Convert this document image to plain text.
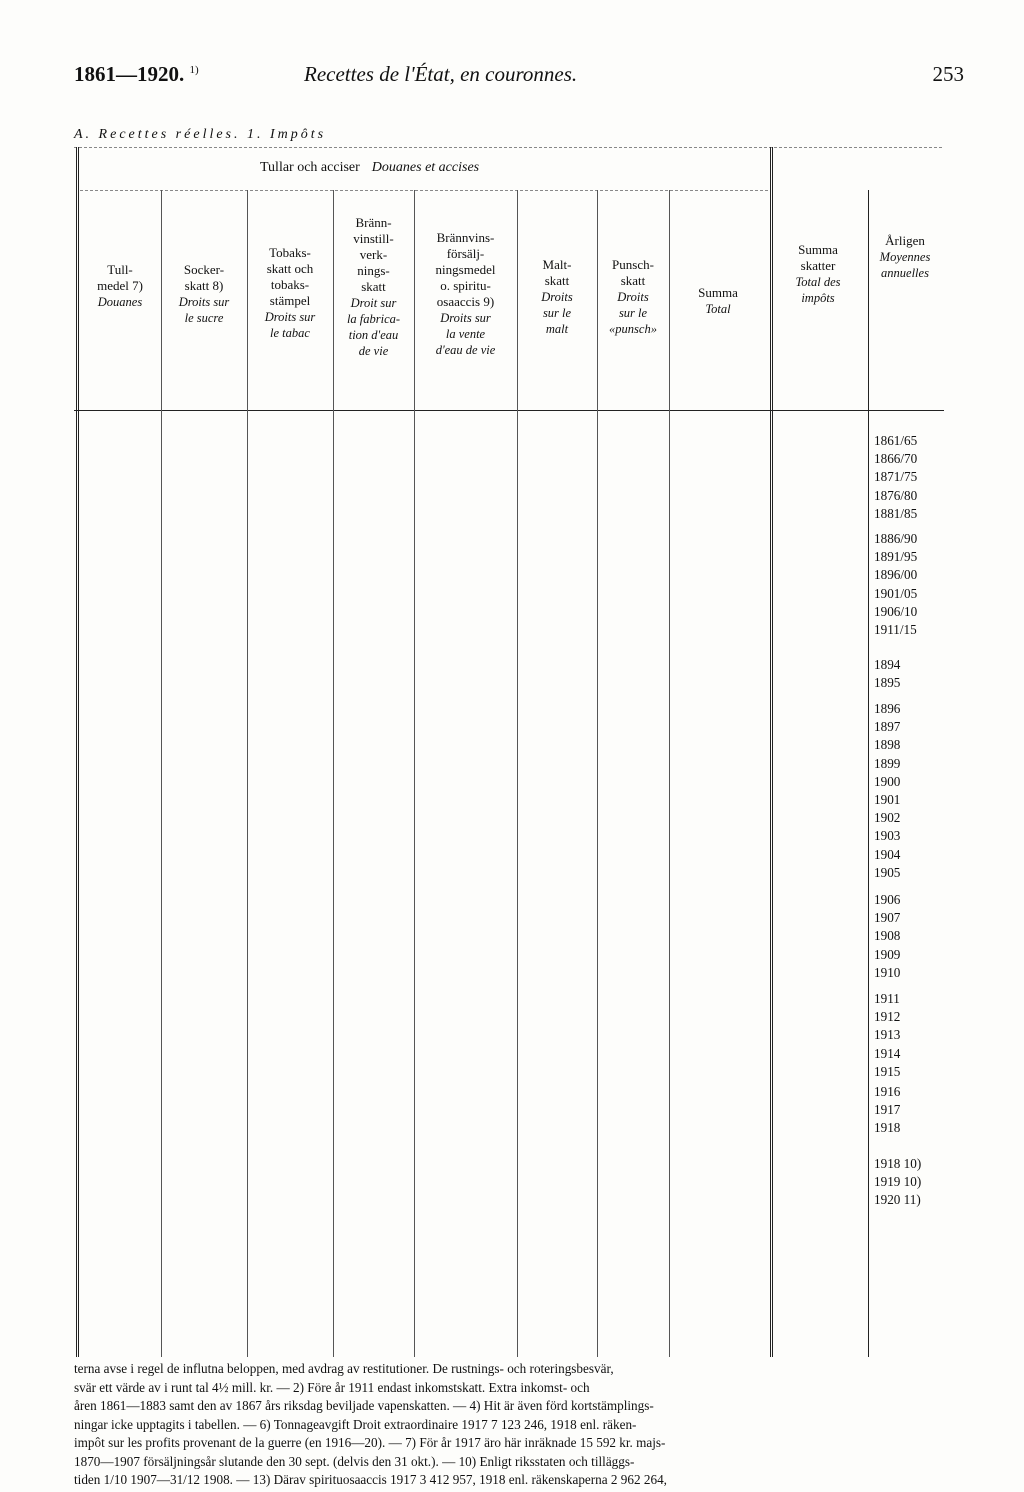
1861—1920. $^{1)}$	Recettes de l'État, en couronnes.	253
A. Recettes réelles. 1. Impôts
Tullar och acciser Douanes et accises
Tull-
medel 7)
Douanes
Socker-
skatt 8)
Droits sur
le sucre
Tobaks-
skatt och
tobaks-
stämpel
Droits sur
le tabac
Bränn-
vinstill-
verk-
nings-
skatt
Droit sur
la fabrica-
tion d'eau
de vie
Brännvins-
försälj-
ningsmedel
o. spiritu-
osaaccis 9)
Droits sur
la vente
d'eau de vie
Malt-
skatt
Droits
sur le
malt
Punsch-
skatt
Droits
sur le
«punsch»
Summa
Total
Summa
skatter
Total des
impôts
Årligen
Moyennes
annuelles
1861/65
1866/70
1871/75
1876/80
1881/85
1886/90
1891/95
1896/00
1901/05
1906/10
1911/15
1894
1895
1896
1897
1898
1899
1900
1901
1902
1903
1904
1905
1906
1907
1908
1909
1910
1911
1912
1913
1914
1915
1916
1917
1918
1918 10)
1919 10)
1920 11)
terna avse i regel de influtna beloppen, med avdrag av restitutioner. De rustnings- och roteringsbesvär,
svär ett värde av i runt tal 4½ mill. kr. — 2) Före år 1911 endast inkomstskatt. Extra inkomst- och
åren 1861—1883 samt den av 1867 års riksdag beviljade vapenskatten. — 4) Hit är även förd kortstämplings-
ningar icke upptagits i tabellen. — 6) Tonnageavgift Droit extraordinaire 1917 7 123 246, 1918 enl. räken-
impôt sur les profits provenant de la guerre (en 1916—20). — 7) För år 1917 äro här inräknade 15 592 kr. majs-
1870—1907 försäljningsår slutande den 30 sept. (delvis den 31 okt.). — 10) Enligt riksstaten och tilläggs-
tiden 1/10 1907—31/12 1908. — 13) Därav spirituosaaccis 1917 3 412 957, 1918 enl. räkenskaperna 2 962 264,
